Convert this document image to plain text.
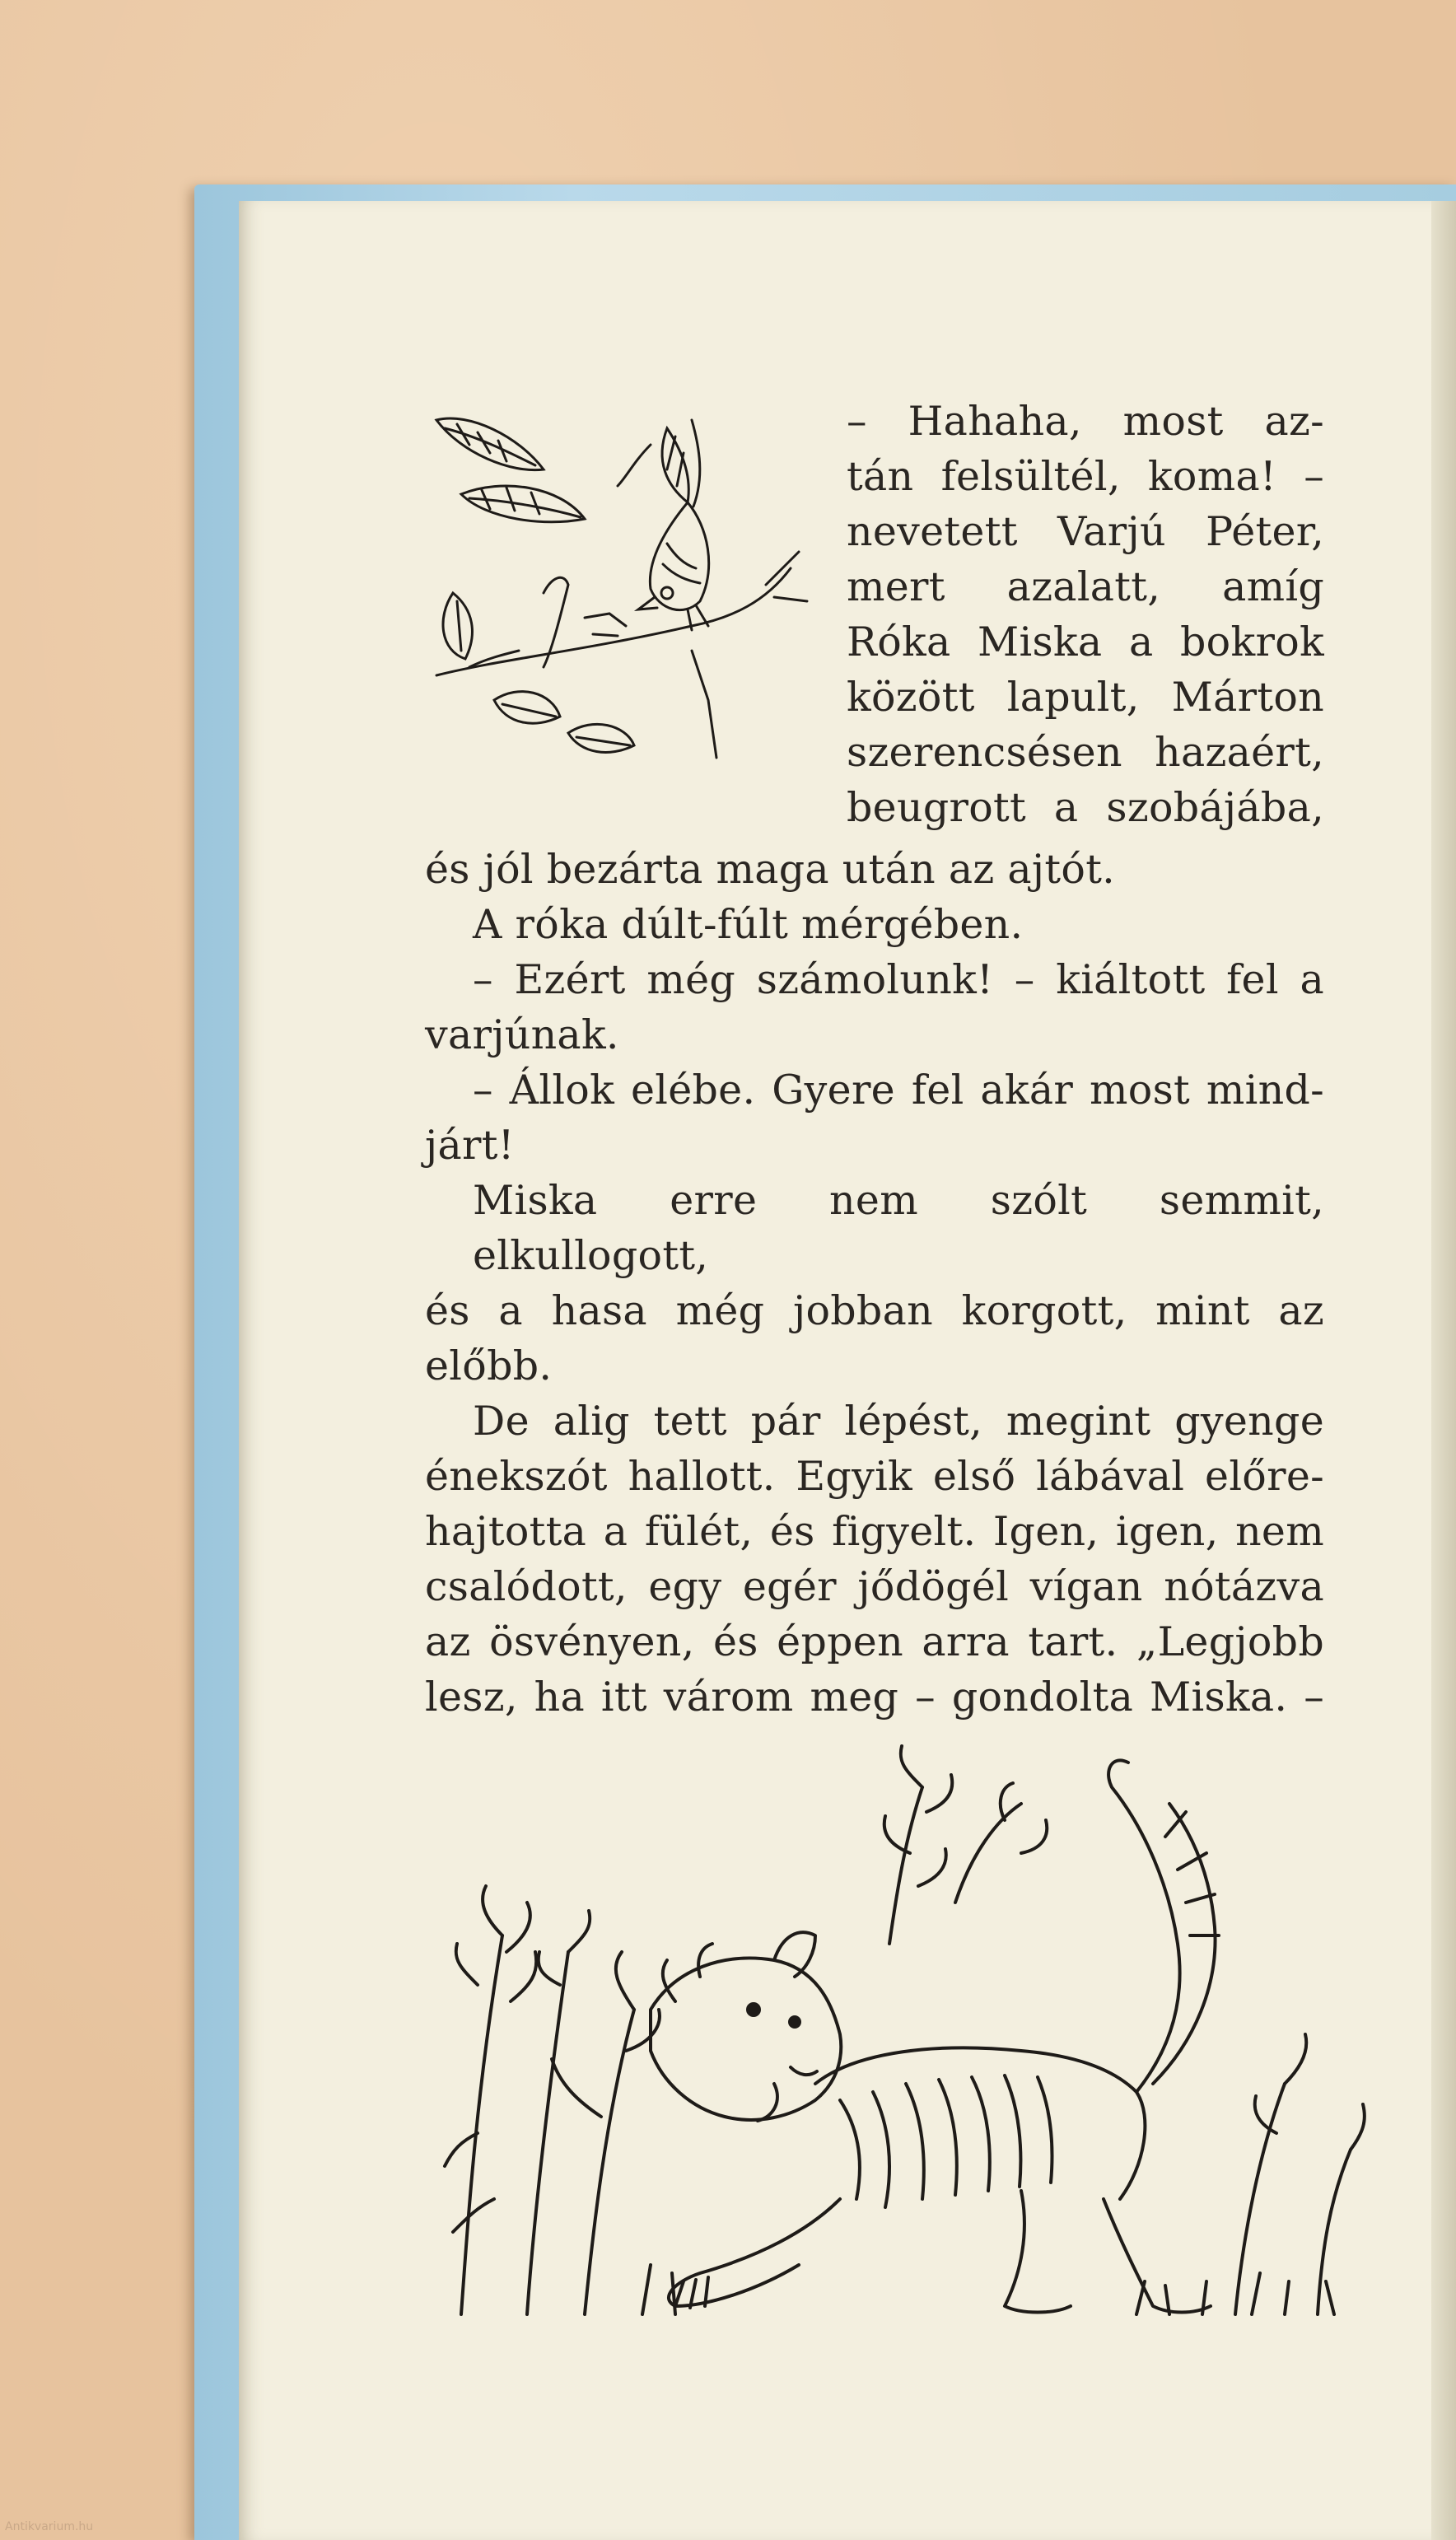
– Hahaha, most az-
tán felsültél, koma! –
nevetett Varjú Péter,
mert azalatt, amíg
Róka Miska a bokrok
között lapult, Márton
szerencsésen hazaért,
beugrott a szobájába,
és jól bezárta maga után az ajtót.
A róka dúlt-fúlt mérgében.
– Ezért még számolunk! – kiáltott fel a
varjúnak.
– Állok elébe. Gyere fel akár most mind-
járt!
Miska erre nem szólt semmit, elkullogott,
és a hasa még jobban korgott, mint az
előbb.
De alig tett pár lépést, megint gyenge
énekszót hallott. Egyik első lábával előre-
hajtotta a fülét, és figyelt. Igen, igen, nem
csalódott, egy egér jődögél vígan nótázva
az ösvényen, és éppen arra tart. „Legjobb
lesz, ha itt várom meg – gondolta Miska. –
Antikvarium.hu
